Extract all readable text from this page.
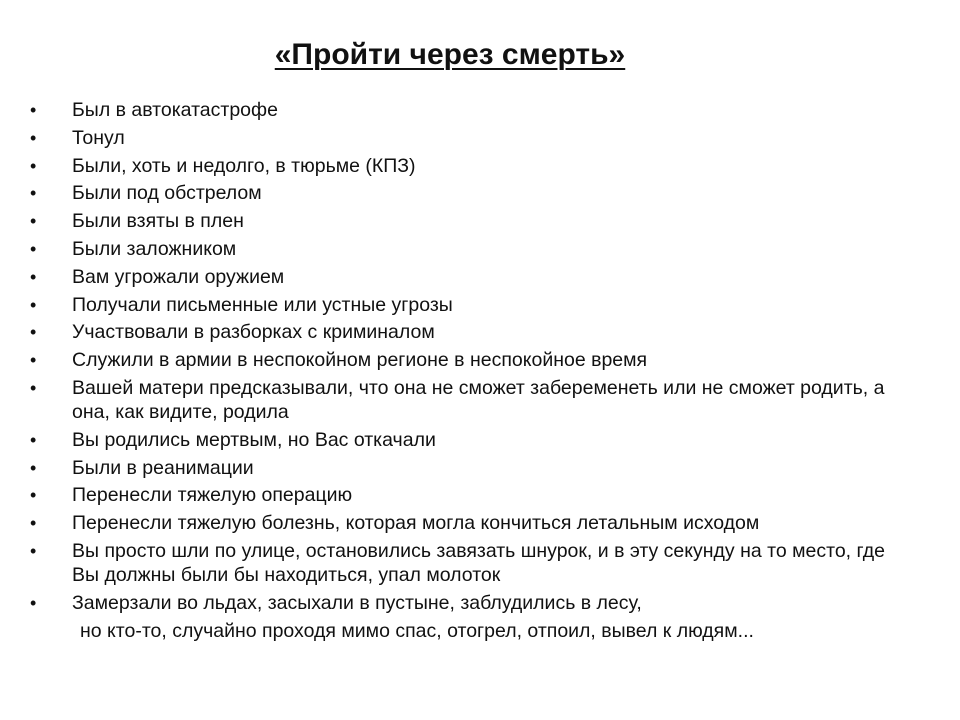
«Пройти через смерть»
• Был в автокатастрофе
• Тонул
• Были, хоть и недолго, в тюрьме (КПЗ)
• Были под обстрелом
• Были взяты в плен
• Были заложником
• Вам угрожали оружием
• Получали письменные или устные угрозы
• Участвовали в разборках с криминалом
• Служили в армии в неспокойном регионе в неспокойное время
• Вашей матери предсказывали, что она не сможет забеременеть или не сможет родить, а она, как видите, родила
• Вы родились мертвым, но Вас откачали
• Были в реанимации
• Перенесли тяжелую операцию
• Перенесли тяжелую болезнь, которая могла кончиться летальным исходом
• Вы просто шли по улице, остановились завязать шнурок, и в эту секунду на то место, где Вы должны были бы находиться, упал молоток
• Замерзали во льдах, засыхали в пустыне, заблудились в лесу,
но кто-то, случайно проходя мимо спас, отогрел, отпоил, вывел к людям...
